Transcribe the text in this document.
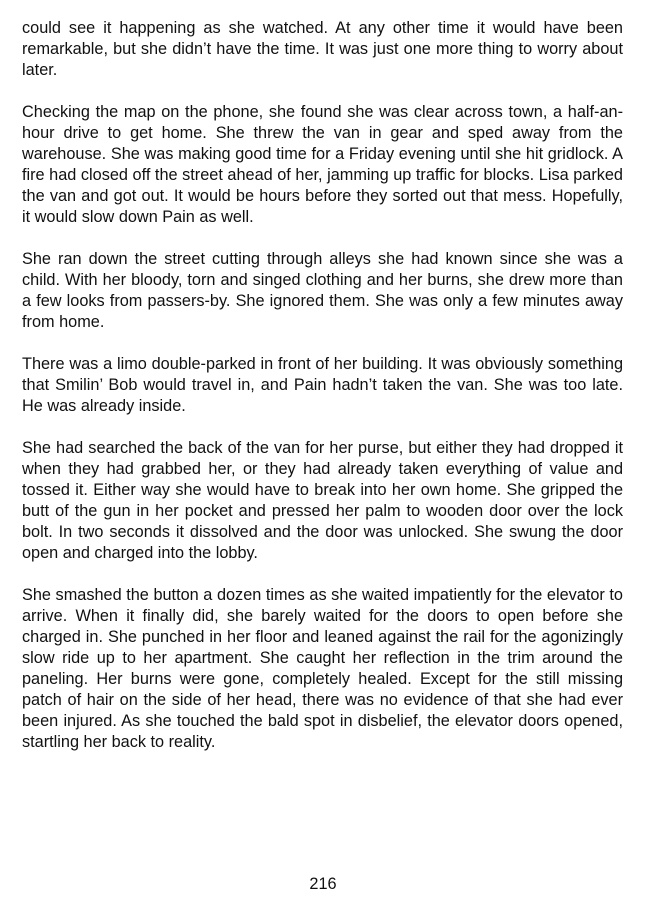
could see it happening as she watched. At any other time it would have been remarkable, but she didn’t have the time. It was just one more thing to worry about later.

Checking the map on the phone, she found she was clear across town, a half-an-hour drive to get home. She threw the van in gear and sped away from the warehouse. She was making good time for a Friday evening until she hit gridlock. A fire had closed off the street ahead of her, jamming up traffic for blocks. Lisa parked the van and got out. It would be hours before they sorted out that mess. Hopefully, it would slow down Pain as well.

She ran down the street cutting through alleys she had known since she was a child. With her bloody, torn and singed clothing and her burns, she drew more than a few looks from passers-by. She ignored them. She was only a few minutes away from home.

There was a limo double-parked in front of her building. It was obviously something that Smilin’ Bob would travel in, and Pain hadn’t taken the van. She was too late. He was already inside.

She had searched the back of the van for her purse, but either they had dropped it when they had grabbed her, or they had already taken everything of value and tossed it. Either way she would have to break into her own home. She gripped the butt of the gun in her pocket and pressed her palm to wooden door over the lock bolt. In two seconds it dissolved and the door was unlocked. She swung the door open and charged into the lobby.

She smashed the button a dozen times as she waited impatiently for the elevator to arrive. When it finally did, she barely waited for the doors to open before she charged in. She punched in her floor and leaned against the rail for the agonizingly slow ride up to her apartment. She caught her reflection in the trim around the paneling. Her burns were gone, completely healed. Except for the still missing patch of hair on the side of her head, there was no evidence of that she had ever been injured. As she touched the bald spot in disbelief, the elevator doors opened, startling her back to reality.

216
